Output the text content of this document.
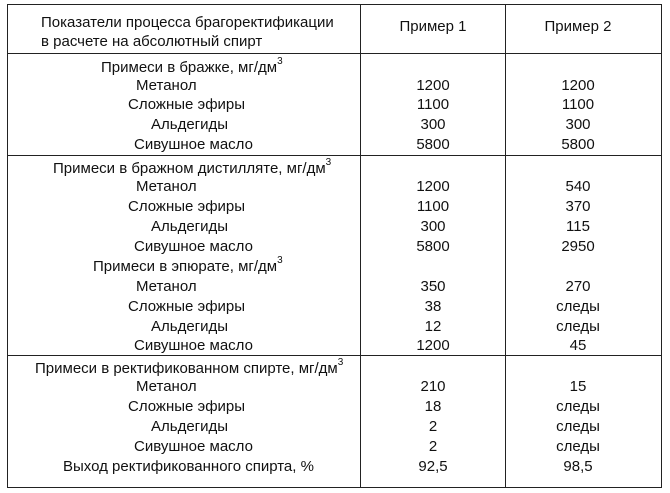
Показатели процесса брагоректификации
в расчете на абсолютный спирт
Пример 1	Пример 2
Примеси в бражке, $мг/дм^3$
Метанол	1200	1200
Сложные эфиры	1100	1100
Альдегиды	300	300
Сивушное масло	5800	5800
Примеси в бражном дистилляте, $мг/дм^3$
Метанол	1200	540
Сложные эфиры	1100	370
Альдегиды	300	115
Сивушное масло	5800	2950
Примеси в эпюрате, $мг/дм^3$
Метанол	350	270
Сложные эфиры	38	следы
Альдегиды	12	следы
Сивушное масло	1200	45
Примеси в ректификованном спирте, $мг/дм^3$
Метанол	210	15
Сложные эфиры	18	следы
Альдегиды	2	следы
Сивушное масло	2	следы
Выход ректификованного спирта, %	92,5	98,5
